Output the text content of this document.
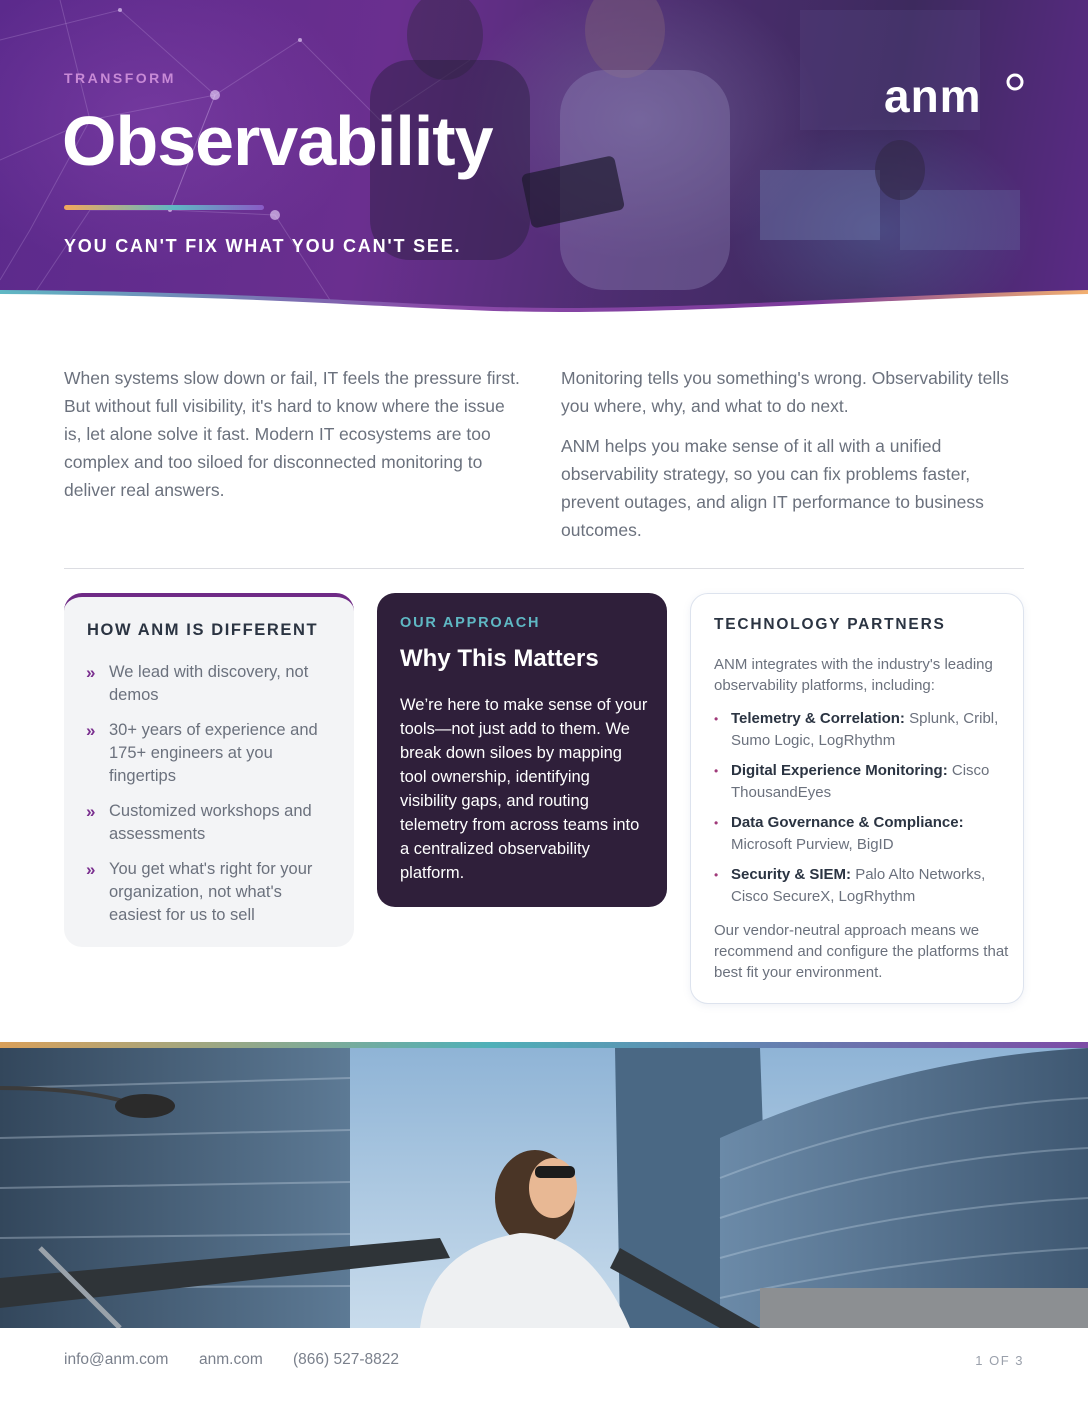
TRANSFORM
Observability
YOU CAN'T FIX WHAT YOU CAN'T SEE.
anm
When systems slow down or fail, IT feels the pressure first. But without full visibility, it's hard to know where the issue is, let alone solve it fast. Modern IT ecosystems are too complex and too siloed for disconnected monitoring to deliver real answers.

Monitoring tells you something's wrong. Observability tells you where, why, and what to do next.

ANM helps you make sense of it all with a unified observability strategy, so you can fix problems faster, prevent outages, and align IT performance to business outcomes.

HOW ANM IS DIFFERENT
» We lead with discovery, not demos
» 30+ years of experience and 175+ engineers at you fingertips
» Customized workshops and assessments
» You get what's right for your organization, not what's easiest for us to sell
OUR APPROACH
Why This Matters

We’re here to make sense of your tools—not just add to them. We break down siloes by mapping tool ownership, identifying visibility gaps, and routing telemetry from across teams into a centralized observability platform.

TECHNOLOGY PARTNERS
ANM integrates with the industry's leading observability platforms, including:
• Telemetry & Correlation: Splunk, Cribl, Sumo Logic, LogRhythm
• Digital Experience Monitoring: Cisco ThousandEyes
• Data Governance & Compliance: Microsoft Purview, BigID
• Security & SIEM: Palo Alto Networks, Cisco SecureX, LogRhythm
Our vendor-neutral approach means we recommend and configure the platforms that best fit your environment.
info@anm.com anm.com (866) 527-8822	1 OF 3
